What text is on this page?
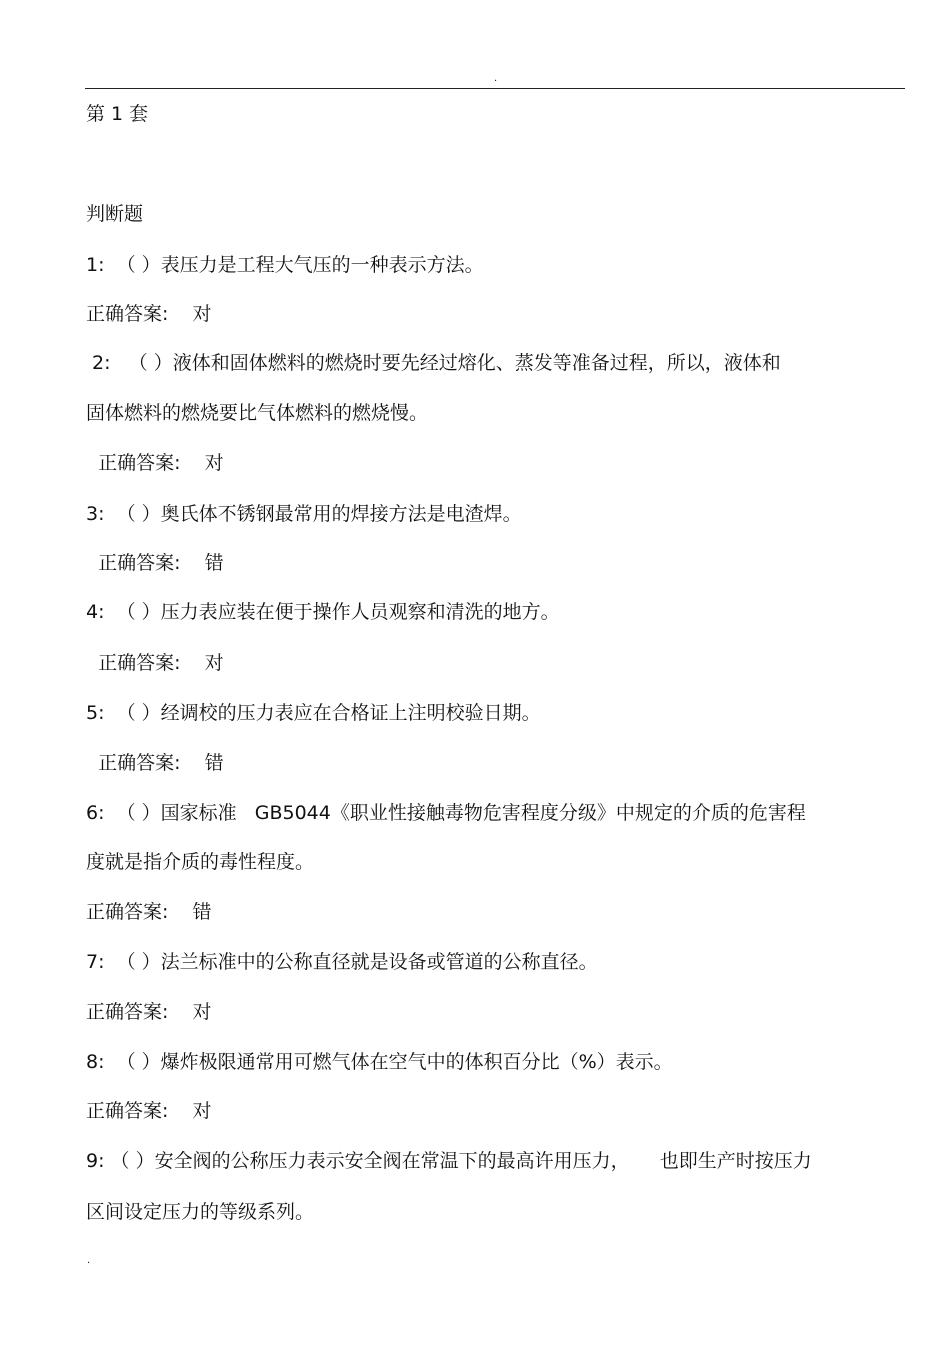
.
第 1 套
判断题
1:  （ ）表压力是工程大气压的一种表示方法。
正确答案:    对
2:   （ ）液体和固体燃料的燃烧时要先经过熔化、蒸发等准备过程，所以，液体和
固体燃料的燃烧要比气体燃料的燃烧慢。
正确答案:    对
3:  （ ）奥氏体不锈钢最常用的焊接方法是电渣焊。
正确答案:    错
4:  （ ）压力表应装在便于操作人员观察和清洗的地方。
正确答案:    对
5:  （ ）经调校的压力表应在合格证上注明校验日期。
正确答案:    错
6:  （ ）国家标准   GB5044《职业性接触毒物危害程度分级》中规定的介质的危害程
度就是指介质的毒性程度。
正确答案:    错
7:  （ ）法兰标准中的公称直径就是设备或管道的公称直径。
正确答案:    对
8:  （ ）爆炸极限通常用可燃气体在空气中的体积百分比（%）表示。
正确答案:    对
9: （ ）安全阀的公称压力表示安全阀在常温下的最高许用压力，     也即生产时按压力
区间设定压力的等级系列。
.
